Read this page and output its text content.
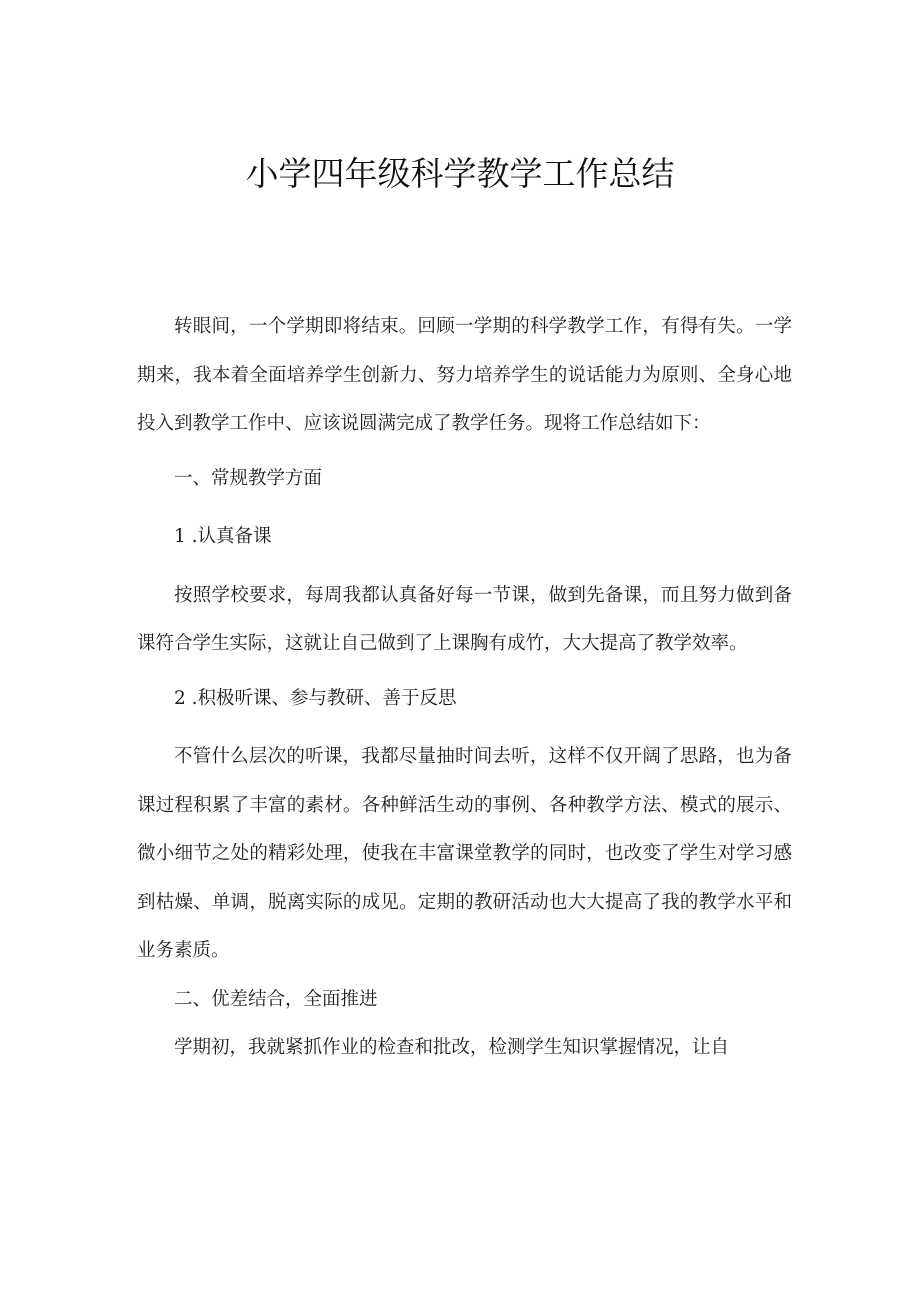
小学四年级科学教学工作总结

转眼间，一个学期即将结束。回顾一学期的科学教学工作，有得有失。一学期来，我本着全面培养学生创新力、努力培养学生的说话能力为原则、全身心地投入到教学工作中、应该说圆满完成了教学任务。现将工作总结如下：

一、常规教学方面

1 .认真备课

按照学校要求，每周我都认真备好每一节课，做到先备课，而且努力做到备课符合学生实际，这就让自己做到了上课胸有成竹，大大提高了教学效率。

2 .积极听课、参与教研、善于反思

不管什么层次的听课，我都尽量抽时间去听，这样不仅开阔了思路，也为备课过程积累了丰富的素材。各种鲜活生动的事例、各种教学方法、模式的展示、微小细节之处的精彩处理，使我在丰富课堂教学的同时，也改变了学生对学习感到枯燥、单调，脱离实际的成见。定期的教研活动也大大提高了我的教学水平和业务素质。

二、优差结合，全面推进

学期初，我就紧抓作业的检查和批改，检测学生知识掌握情况，让自
